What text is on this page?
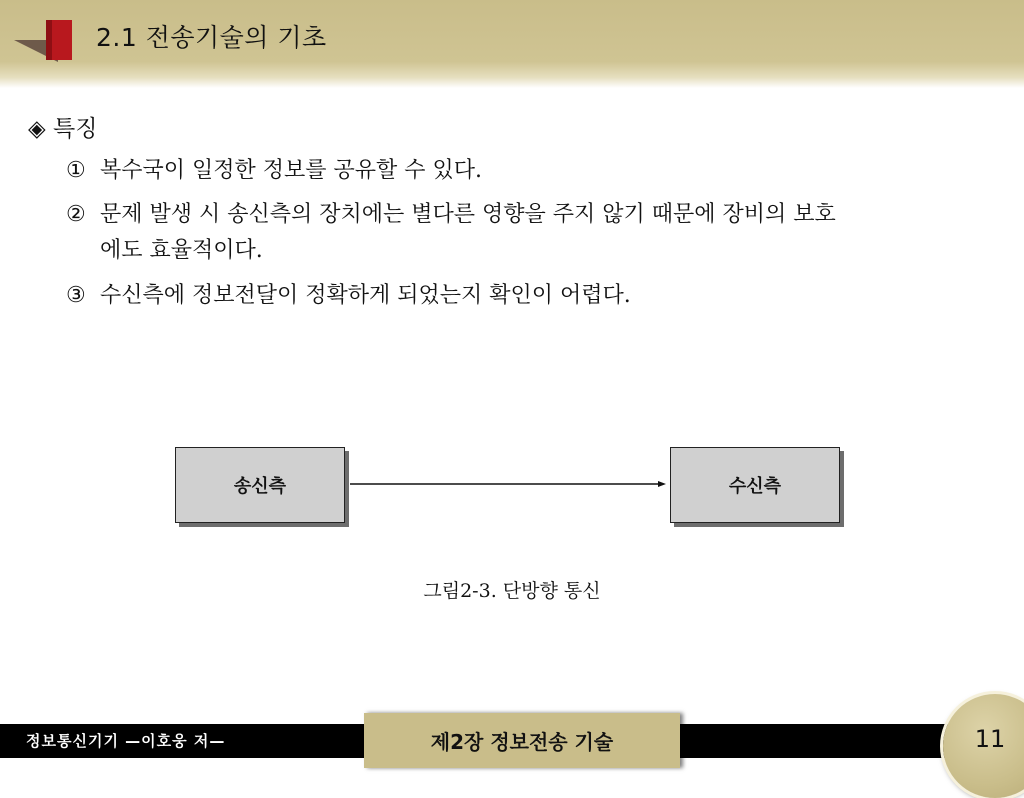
2.1 전송기술의 기초
◈ 특징
① 복수국이 일정한 정보를 공유할 수 있다.
② 문제 발생 시 송신측의 장치에는 별다른 영향을 주지 않기 때문에 장비의 보호
에도 효율적이다.
③ 수신측에 정보전달이 정확하게 되었는지 확인이 어렵다.
송신측	수신측
그림2-3. 단방향 통신
정보통신기기 —이호웅 저—	제2장 정보전송 기술	11
